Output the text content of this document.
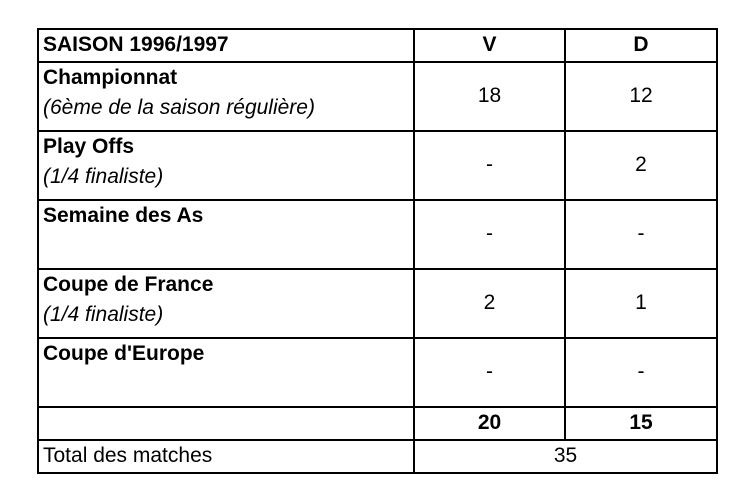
SAISON 1996/1997	V	D

Championnat
(6ème de la saison régulière)	18	12

Play Offs
(1/4 finaliste)	-	2

Semaine des As	-	-

Coupe de France
(1/4 finaliste)	2	1

Coupe d'Europe	-	-
	20	15
Total des matches	35	
